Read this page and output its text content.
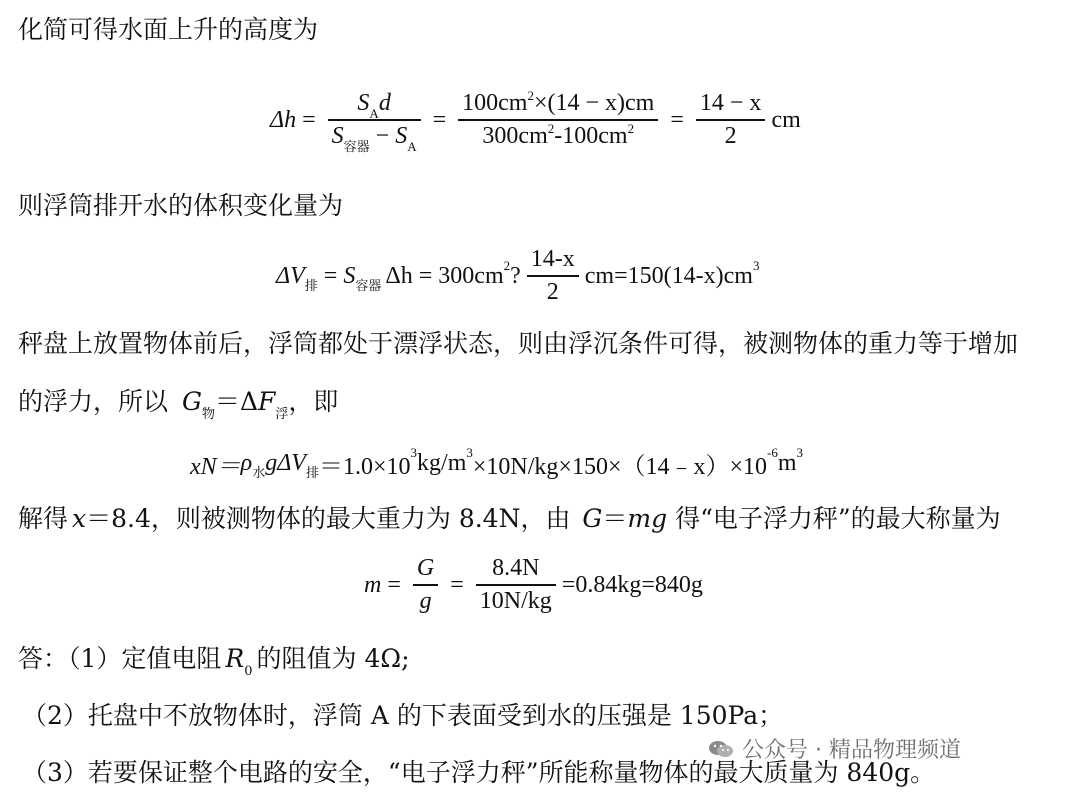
化简可得水面上升的高度为
$\Delta h = \frac{S_Ad}{S_{容器} - S_A} = \frac{100cm^2\times(14 - x)cm}{300cm^2-100cm^2} = \frac{14 - x}{2}$ cm
则浮筒排开水的体积变化量为
ΔV 排 = S 容器 Δh = 300cm 2 ? $\frac{14-x}{2} cm=150(14-x)cm$ 3
秤盘上放置物体前后，浮筒都处于漂浮状态，则由浮沉条件可得，被测物体的重力等于增加
的浮力，所以 $G_物=\Delta F_浮$，即
xN＝ ρ 水 g ΔV 排 ＝1.0×10
3 kg/m 3
×10N/kg×150×（14﹣x）×10
-6 m 3
解得 x＝8.4，则被测物体的最大重力为 8.4N，由 G＝mg 得“电子浮力秤”的最大称量为
$m = \frac{G}{g} = \frac{8.4N}{10N/kg} =0.84kg=840g$
答：（1）定值电阻 $R_0$ 的阻值为 4Ω;
（2）托盘中不放物体时，浮筒 A 的下表面受到水的压强是 150Pa；
（3）若要保证整个电路的安全，“电子浮力秤”所能称量物体的最大质量为 840g。
公众号 · 精品物理频道
